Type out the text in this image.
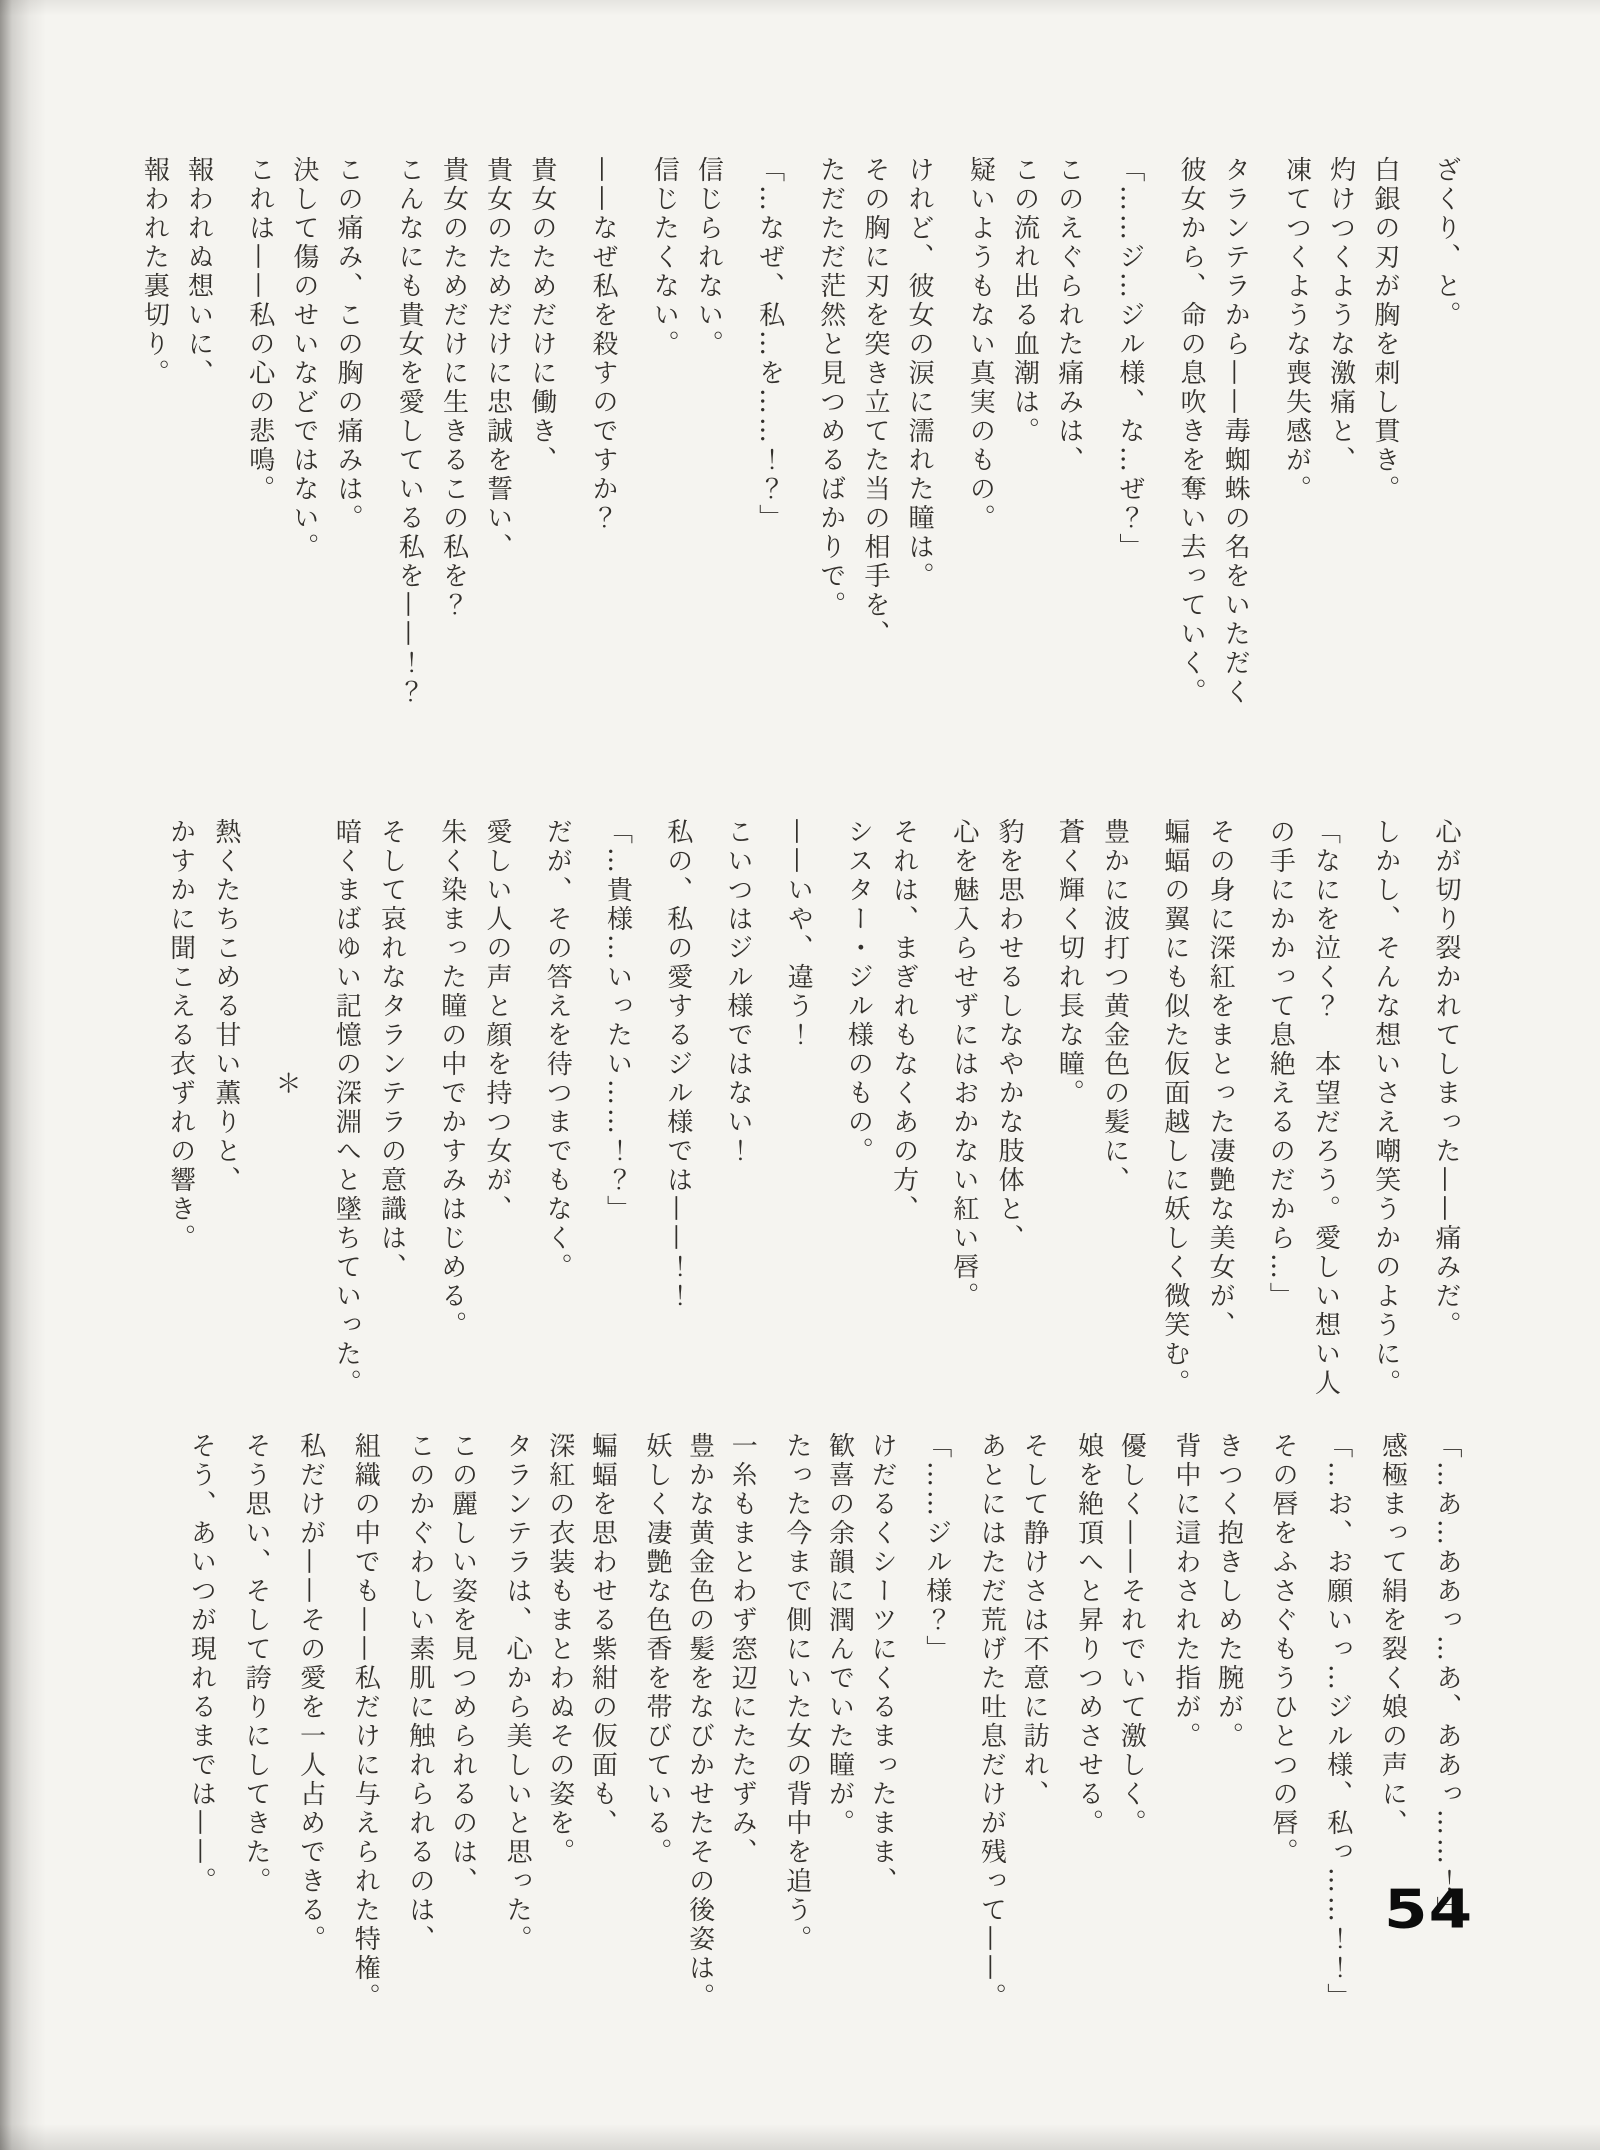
ざくり、と。

白銀の刃が胸を刺し貫き。

灼けつくような激痛と、

凍てつくような喪失感が。

タランテラから——毒蜘蛛の名をいただく

彼女から、命の息吹きを奪い去っていく。

「……ジ…ジル様、な…ぜ？」

このえぐられた痛みは、

この流れ出る血潮は。

疑いようもない真実のもの。

けれど、彼女の涙に濡れた瞳は。

その胸に刃を突き立てた当の相手を、

ただただ茫然と見つめるばかりで。

「…なぜ、私…を……！？」

信じられない。

信じたくない。

——なぜ私を殺すのですか？

貴女のためだけに働き、

貴女のためだけに忠誠を誓い、

貴女のためだけに生きるこの私を？

こんなにも貴女を愛している私を——！？

この痛み、この胸の痛みは。

決して傷のせいなどではない。

これは——私の心の悲鳴。

報われぬ想いに、

報われた裏切り。

心が切り裂かれてしまった——痛みだ。

しかし、そんな想いさえ嘲笑うかのように。

「なにを泣く？　本望だろう。愛しい想い人

の手にかかって息絶えるのだから…」

その身に深紅をまとった凄艶な美女が、

蝙蝠の翼にも似た仮面越しに妖しく微笑む。

豊かに波打つ黄金色の髪に、

蒼く輝く切れ長な瞳。

豹を思わせるしなやかな肢体と、

心を魅入らせずにはおかない紅い唇。

それは、まぎれもなくあの方、

シスター・ジル様のもの。

——いや、違う！

こいつはジル様ではない！

私の、私の愛するジル様では——！！

「…貴様…いったい……！？」

だが、その答えを待つまでもなく。

愛しい人の声と顔を持つ女が、

朱く染まった瞳の中でかすみはじめる。

そして哀れなタランテラの意識は、

暗くまばゆい記憶の深淵へと墜ちていった。

＊

熱くたちこめる甘い薫りと、

かすかに聞こえる衣ずれの響き。

「…あ…ああっ…あ、ああっ……！」

感極まって絹を裂く娘の声に、

「…お、お願いっ…ジル様、私っ……！！」

その唇をふさぐもうひとつの唇。

きつく抱きしめた腕が。

背中に這わされた指が。

優しく——それでいて激しく。

娘を絶頂へと昇りつめさせる。

そして静けさは不意に訪れ、

あとにはただ荒げた吐息だけが残って——。

「……ジル様？」

けだるくシーツにくるまったまま、

歓喜の余韻に潤んでいた瞳が。

たった今まで側にいた女の背中を追う。

一糸もまとわず窓辺にたたずみ、

豊かな黄金色の髪をなびかせたその後姿は。

妖しく凄艶な色香を帯びている。

蝙蝠を思わせる紫紺の仮面も、

深紅の衣装もまとわぬその姿を。

タランテラは、心から美しいと思った。

この麗しい姿を見つめられるのは、

このかぐわしい素肌に触れられるのは、

組織の中でも——私だけに与えられた特権。

私だけが——その愛を一人占めできる。

そう思い、そして誇りにしてきた。

そう、あいつが現れるまでは——。

54
